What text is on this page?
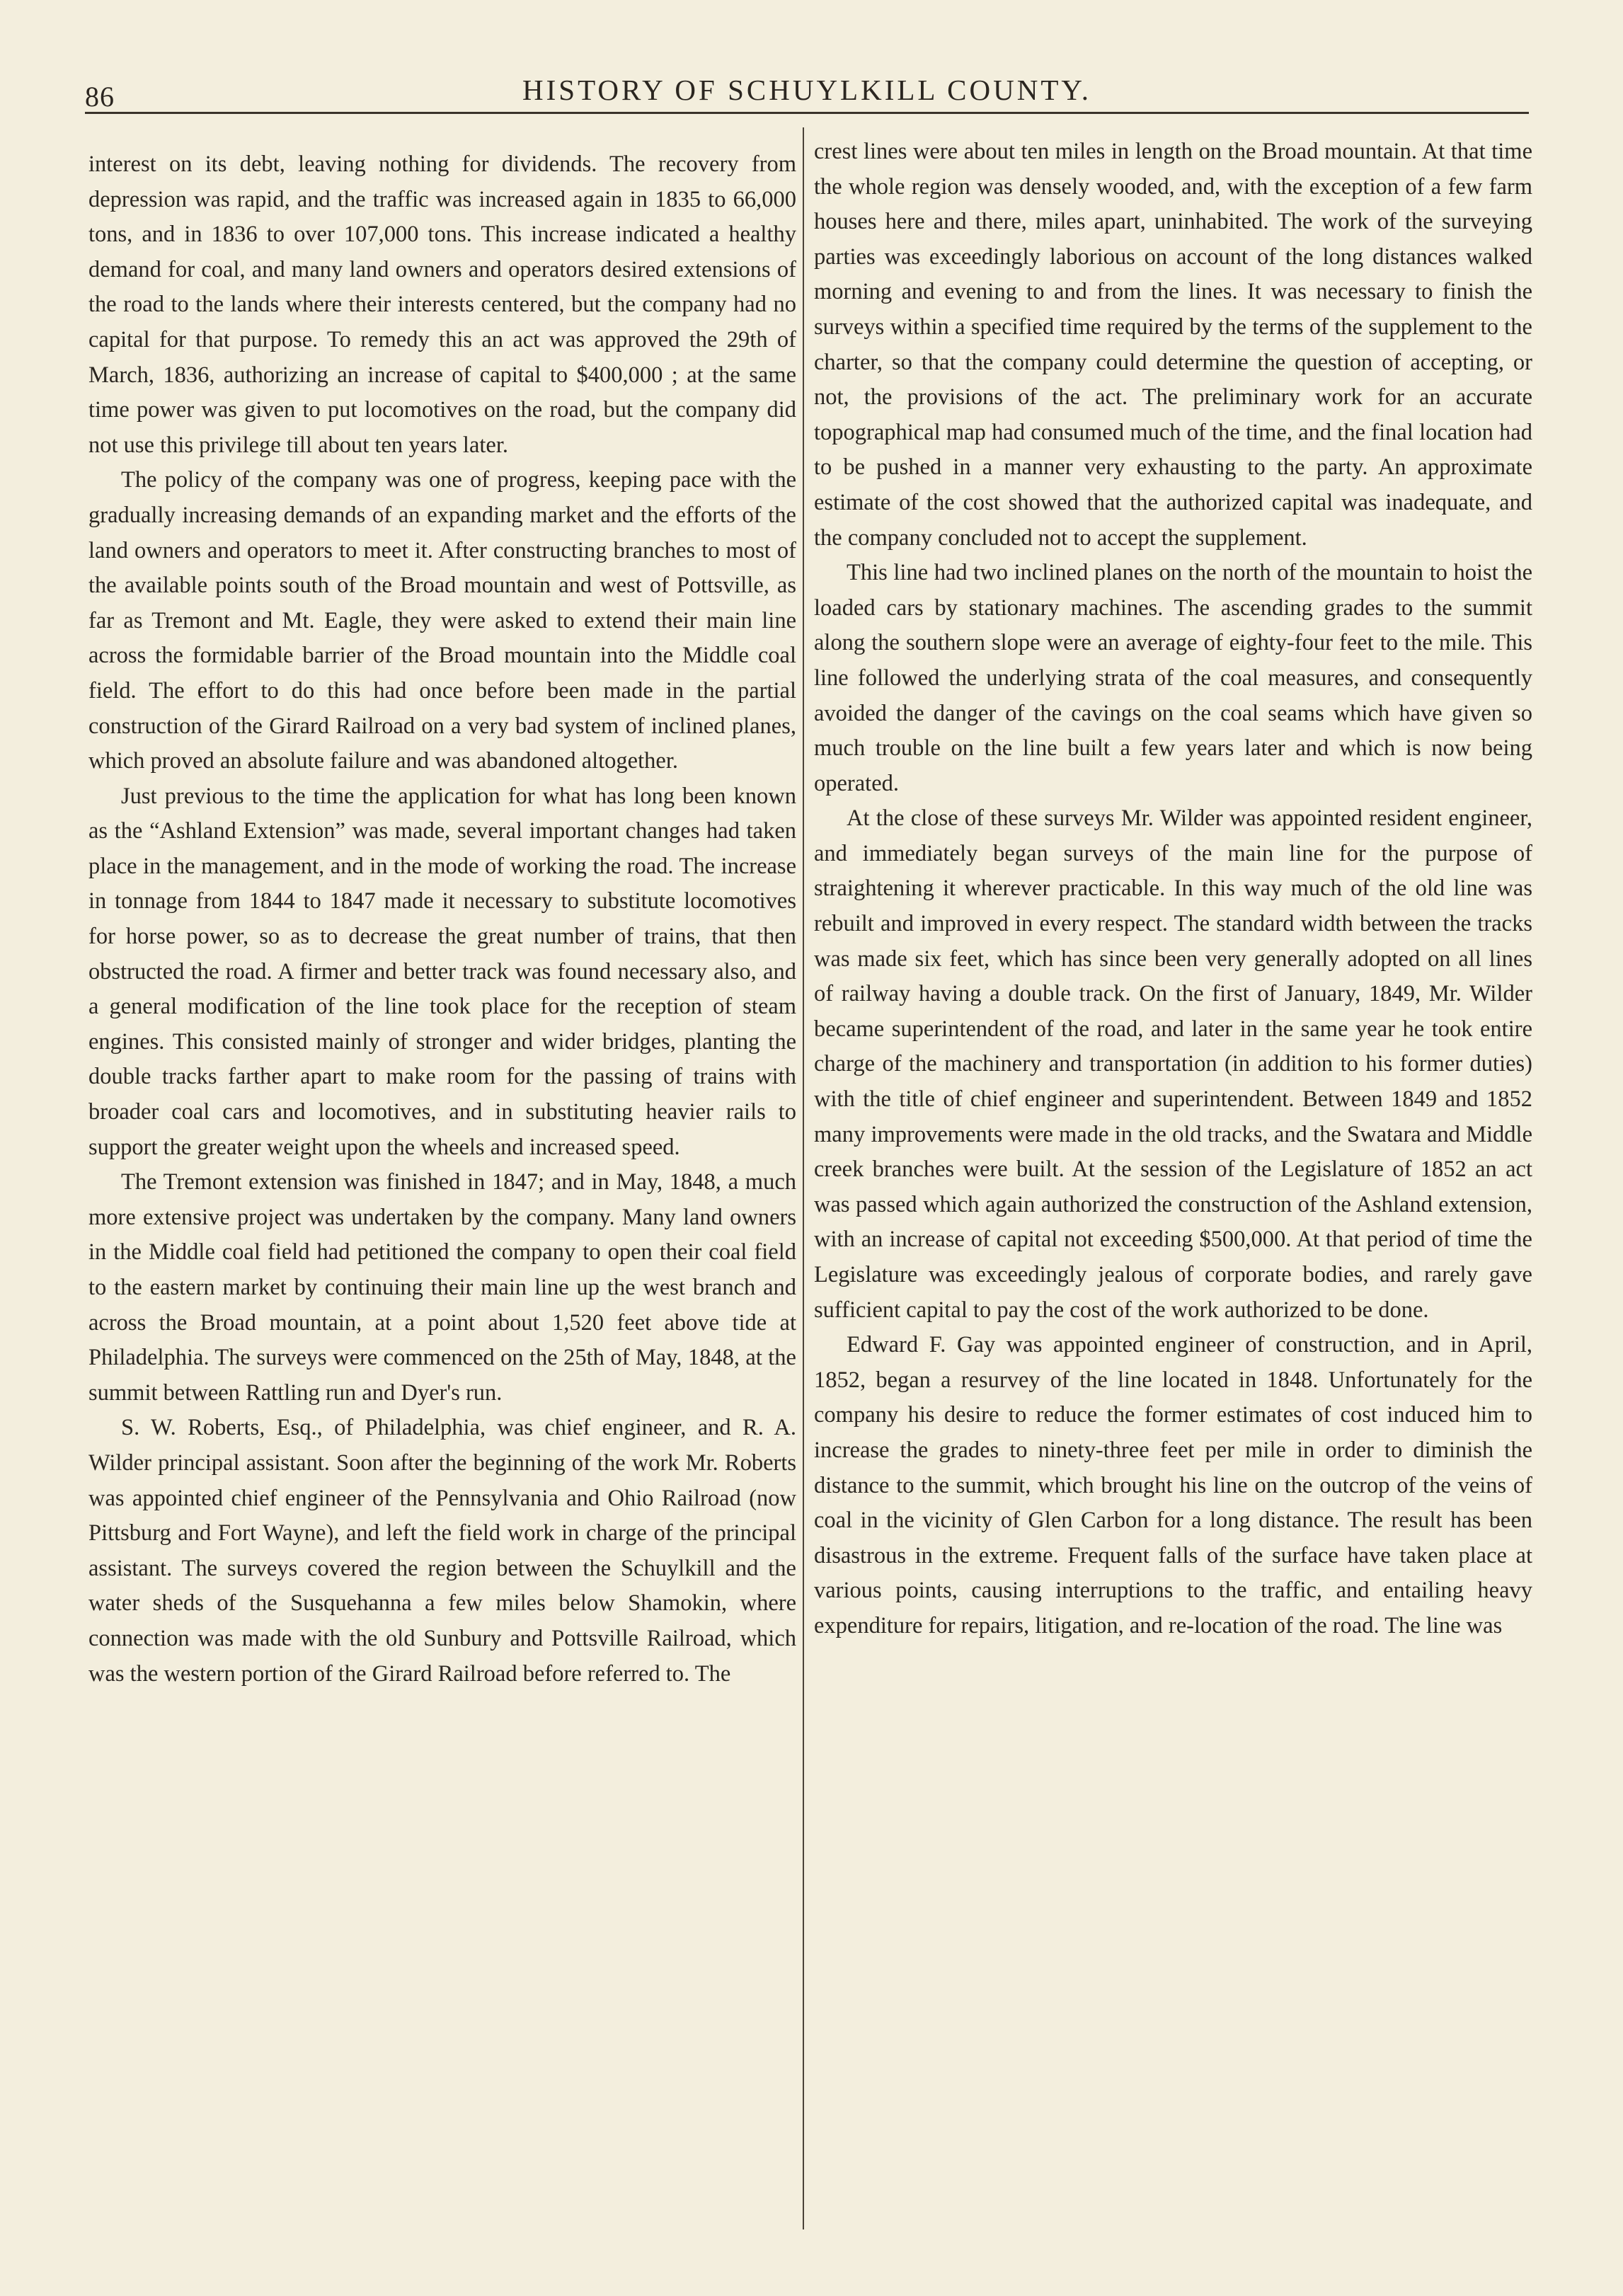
86	HISTORY OF SCHUYLKILL COUNTY.

interest on its debt, leaving nothing for dividends. The recovery from depression was rapid, and the traffic was increased again in 1835 to 66,000 tons, and in 1836 to over 107,000 tons. This increase indicated a healthy demand for coal, and many land owners and operators desired extensions of the road to the lands where their interests centered, but the company had no capital for that purpose. To remedy this an act was approved the 29th of March, 1836, authorizing an increase of capital to $400,000 ; at the same time power was given to put locomotives on the road, but the company did not use this privilege till about ten years later.

The policy of the company was one of progress, keeping pace with the gradually increasing demands of an expanding market and the efforts of the land owners and operators to meet it. After constructing branches to most of the available points south of the Broad mountain and west of Pottsville, as far as Tremont and Mt. Eagle, they were asked to extend their main line across the formidable barrier of the Broad mountain into the Middle coal field. The effort to do this had once before been made in the partial construction of the Girard Railroad on a very bad system of inclined planes, which proved an absolute failure and was abandoned altogether.

Just previous to the time the application for what has long been known as the “Ashland Extension” was made, several important changes had taken place in the management, and in the mode of working the road. The increase in tonnage from 1844 to 1847 made it necessary to substitute locomotives for horse power, so as to decrease the great number of trains, that then obstructed the road. A firmer and better track was found necessary also, and a general modification of the line took place for the reception of steam engines. This consisted mainly of stronger and wider bridges, planting the double tracks farther apart to make room for the passing of trains with broader coal cars and locomotives, and in substituting heavier rails to support the greater weight upon the wheels and increased speed.

The Tremont extension was finished in 1847; and in May, 1848, a much more extensive project was undertaken by the company. Many land owners in the Middle coal field had petitioned the company to open their coal field to the eastern market by continuing their main line up the west branch and across the Broad mountain, at a point about 1,520 feet above tide at Philadelphia. The surveys were commenced on the 25th of May, 1848, at the summit between Rattling run and Dyer's run.

S. W. Roberts, Esq., of Philadelphia, was chief engineer, and R. A. Wilder principal assistant. Soon after the beginning of the work Mr. Roberts was appointed chief engineer of the Pennsylvania and Ohio Railroad (now Pittsburg and Fort Wayne), and left the field work in charge of the principal assistant. The surveys covered the region between the Schuylkill and the water sheds of the Susquehanna a few miles below Shamokin, where connection was made with the old Sunbury and Pottsville Railroad, which was the western portion of the Girard Railroad before referred to. The

crest lines were about ten miles in length on the Broad mountain. At that time the whole region was densely wooded, and, with the exception of a few farm houses here and there, miles apart, uninhabited. The work of the surveying parties was exceedingly laborious on account of the long distances walked morning and evening to and from the lines. It was necessary to finish the surveys within a specified time required by the terms of the supplement to the charter, so that the company could determine the question of accepting, or not, the provisions of the act. The preliminary work for an accurate topographical map had consumed much of the time, and the final location had to be pushed in a manner very exhausting to the party. An approximate estimate of the cost showed that the authorized capital was inadequate, and the company concluded not to accept the supplement.

This line had two inclined planes on the north of the mountain to hoist the loaded cars by stationary machines. The ascending grades to the summit along the southern slope were an average of eighty-four feet to the mile. This line followed the underlying strata of the coal measures, and consequently avoided the danger of the cavings on the coal seams which have given so much trouble on the line built a few years later and which is now being operated.

At the close of these surveys Mr. Wilder was appointed resident engineer, and immediately began surveys of the main line for the purpose of straightening it wherever practicable. In this way much of the old line was rebuilt and improved in every respect. The standard width between the tracks was made six feet, which has since been very generally adopted on all lines of railway having a double track. On the first of January, 1849, Mr. Wilder became superintendent of the road, and later in the same year he took entire charge of the machinery and transportation (in addition to his former duties) with the title of chief engineer and superintendent. Between 1849 and 1852 many improvements were made in the old tracks, and the Swatara and Middle creek branches were built. At the session of the Legislature of 1852 an act was passed which again authorized the construction of the Ashland extension, with an increase of capital not exceeding $500,000. At that period of time the Legislature was exceedingly jealous of corporate bodies, and rarely gave sufficient capital to pay the cost of the work authorized to be done.

Edward F. Gay was appointed engineer of construction, and in April, 1852, began a resurvey of the line located in 1848. Unfortunately for the company his desire to reduce the former estimates of cost induced him to increase the grades to ninety-three feet per mile in order to diminish the distance to the summit, which brought his line on the outcrop of the veins of coal in the vicinity of Glen Carbon for a long distance. The result has been disastrous in the extreme. Frequent falls of the surface have taken place at various points, causing interruptions to the traffic, and entailing heavy expenditure for repairs, litigation, and re-location of the road. The line was
